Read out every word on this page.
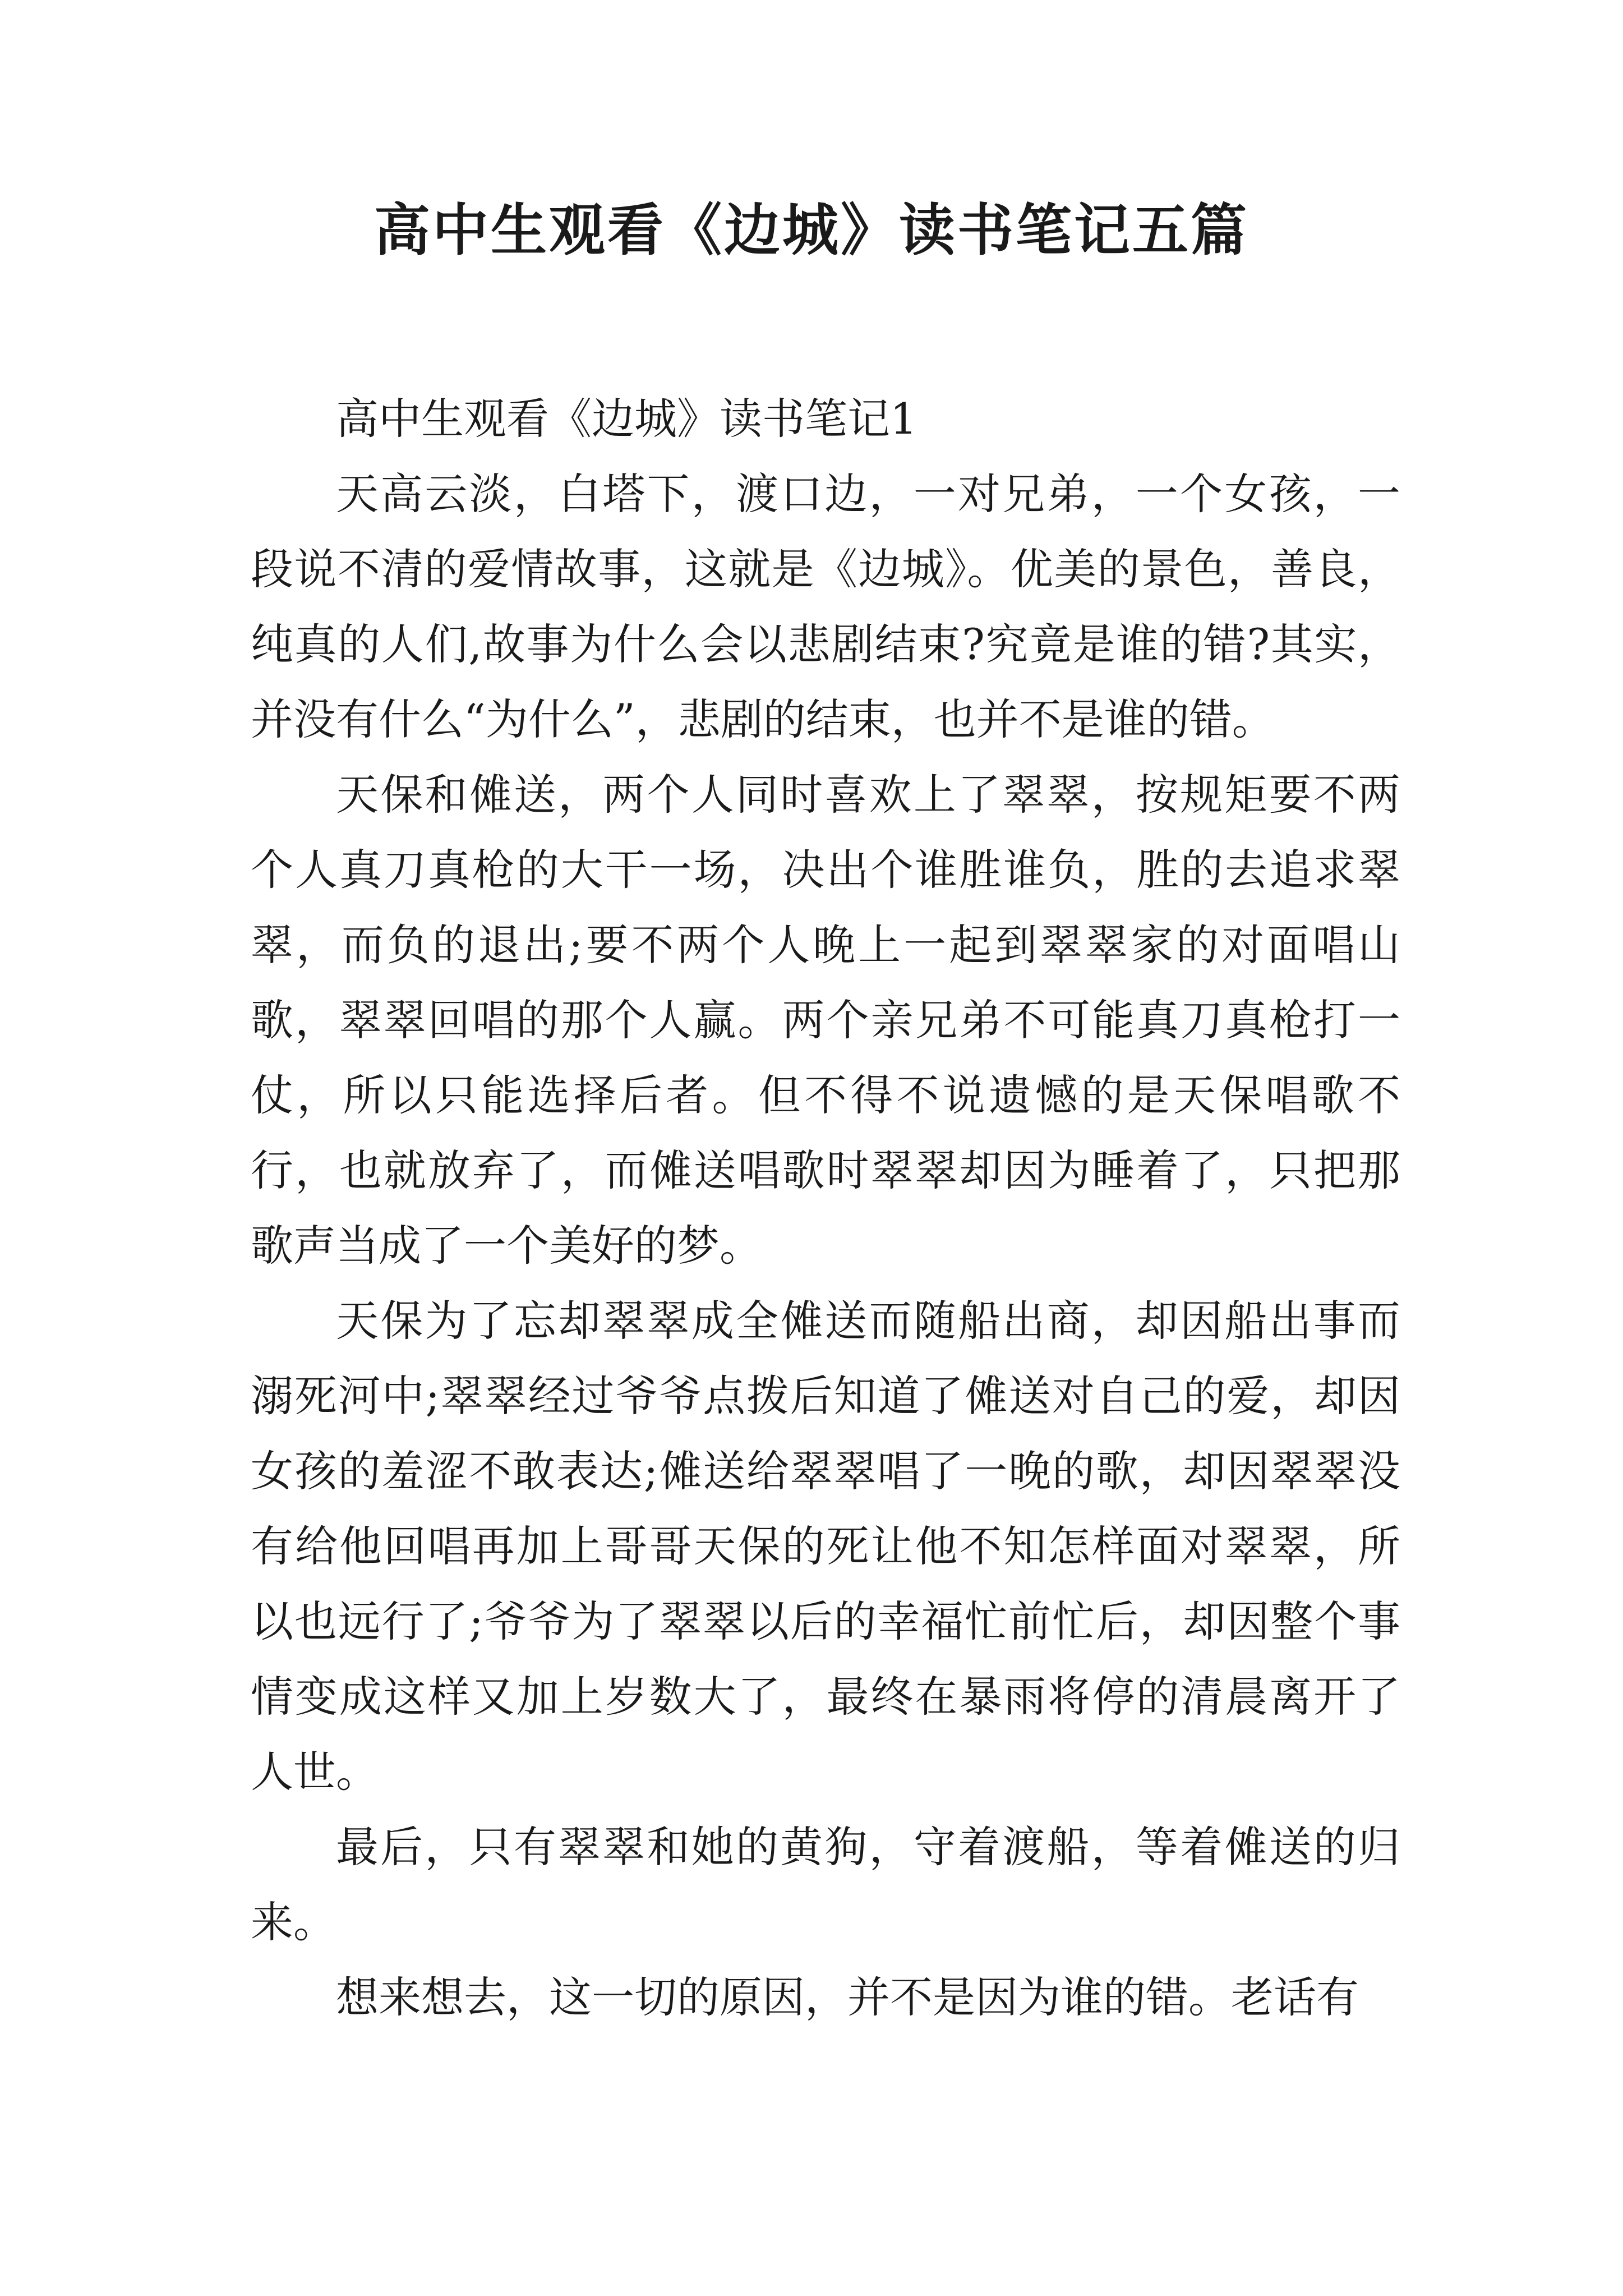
高中生观看《边城》读书笔记五篇

高中生观看《边城》读书笔记1

天高云淡，白塔下，渡口边，一对兄弟，一个女孩，一段说不清的爱情故事，这就是《边城》。优美的景色，善良，纯真的人们,故事为什么会以悲剧结束?究竟是谁的错?其实，并没有什么“为什么”，悲剧的结束，也并不是谁的错。

天保和傩送，两个人同时喜欢上了翠翠，按规矩要不两个人真刀真枪的大干一场，决出个谁胜谁负，胜的去追求翠翠，而负的退出;要不两个人晚上一起到翠翠家的对面唱山歌，翠翠回唱的那个人赢。两个亲兄弟不可能真刀真枪打一仗，所以只能选择后者。但不得不说遗憾的是天保唱歌不行，也就放弃了，而傩送唱歌时翠翠却因为睡着了，只把那歌声当成了一个美好的梦。

天保为了忘却翠翠成全傩送而随船出商，却因船出事而溺死河中;翠翠经过爷爷点拨后知道了傩送对自己的爱，却因女孩的羞涩不敢表达;傩送给翠翠唱了一晚的歌，却因翠翠没有给他回唱再加上哥哥天保的死让他不知怎样面对翠翠，所以也远行了;爷爷为了翠翠以后的幸福忙前忙后，却因整个事情变成这样又加上岁数大了，最终在暴雨将停的清晨离开了人世。

最后，只有翠翠和她的黄狗，守着渡船，等着傩送的归来。

想来想去，这一切的原因，并不是因为谁的错。老话有
